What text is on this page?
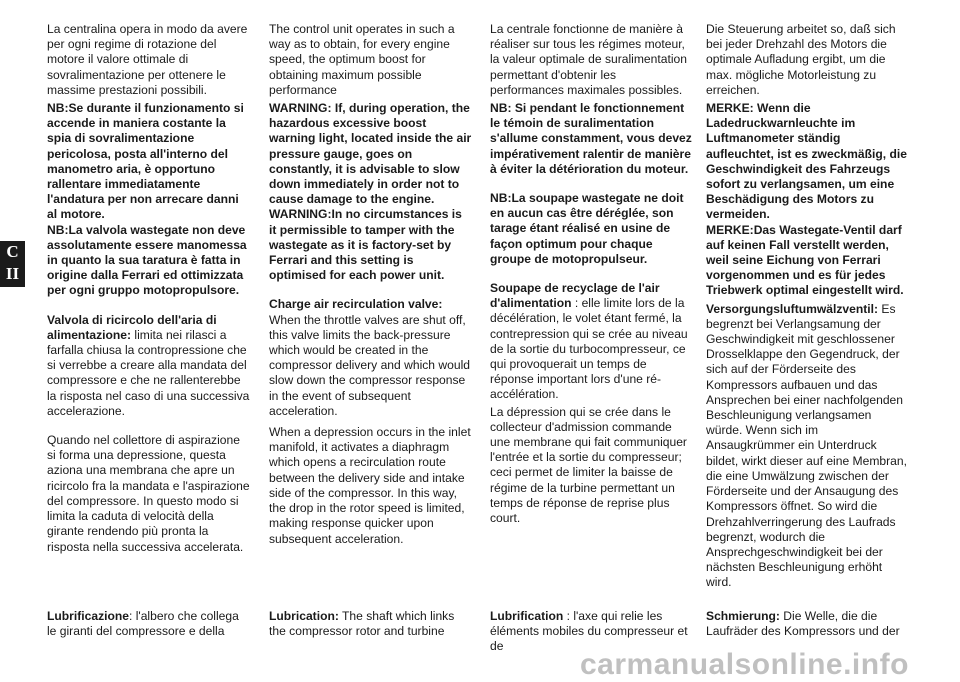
C
II

La centralina opera in modo da avere per ogni regime di rotazione del motore il valore ottimale di sovralimentazione per ottenere le massime prestazioni possibili.

NB:Se durante il funzionamento si accende in maniera costante la spia di sovralimentazione pericolosa, posta all'interno del manometro aria, è opportuno rallentare immediatamente l'andatura per non arrecare danni al motore.

NB:La valvola wastegate non deve assolutamente essere manomessa in quanto la sua taratura è fatta in origine dalla Ferrari ed ottimizzata per ogni gruppo motopropulsore.

Valvola di ricircolo dell'aria di alimentazione: limita nei rilasci a farfalla chiusa la contropressione che si verrebbe a creare alla mandata del compressore e che ne rallenterebbe la risposta nel caso di una successiva accelerazione.

Quando nel collettore di aspirazione si forma una depressione, questa aziona una membrana che apre un ricircolo fra la mandata e l'aspirazione del compressore. In questo modo si limita la caduta di velocità della girante rendendo più pronta la risposta nella successiva accelerata.

Lubrificazione: l'albero che collega le giranti del compressore e della

The control unit operates in such a way as to obtain, for every engine speed, the optimum boost for obtaining maximum possible performance

WARNING: If, during operation, the hazardous excessive boost warning light, located inside the air pressure gauge, goes on constantly, it is advisable to slow down immediately in order not to cause damage to the engine.

WARNING:In no circumstances is it permissible to tamper with the wastegate as it is factory-set by Ferrari and this setting is optimised for each power unit.

Charge air recirculation valve:
When the throttle valves are shut off, this valve limits the back-pressure which would be created in the compressor delivery and which would slow down the compressor response in the event of subsequent acceleration.

When a depression occurs in the inlet manifold, it activates a diaphragm which opens a recirculation route between the delivery side and intake side of the compressor. In this way, the drop in the rotor speed is limited, making response quicker upon subsequent acceleration.

Lubrication: The shaft which links the compressor rotor and turbine

La centrale fonctionne de manière à réaliser sur tous les régimes moteur, la valeur optimale de suralimentation permettant d'obtenir les performances maximales possibles.

NB: Si pendant le fonctionnement le témoin de suralimentation s'allume constamment, vous devez impérativement ralentir de manière à éviter la détérioration du moteur.

NB:La soupape wastegate ne doit en aucun cas être déréglée, son tarage étant réalisé en usine de façon optimum pour chaque groupe de motopropulseur.

Soupape de recyclage de l'air d'alimentation : elle limite lors de la décélération, le volet étant fermé, la contrepression qui se crée au niveau de la sortie du turbocompresseur, ce qui provoquerait un temps de réponse important lors d'une ré-accélération.

La dépression qui se crée dans le collecteur d'admission commande une membrane qui fait communiquer l'entrée et la sortie du compresseur; ceci permet de limiter la baisse de régime de la turbine permettant un temps de réponse de reprise plus court.

Lubrification : l'axe qui relie les éléments mobiles du compresseur et de

Die Steuerung arbeitet so, daß sich bei jeder Drehzahl des Motors die optimale Aufladung ergibt, um die max. mögliche Motorleistung zu erreichen.

MERKE: Wenn die Ladedruckwarnleuchte im Luftmanometer ständig aufleuchtet, ist es zweckmäßig, die Geschwindigkeit des Fahrzeugs sofort zu verlangsamen, um eine Beschädigung des Motors zu vermeiden.

MERKE:Das Wastegate-Ventil darf auf keinen Fall verstellt werden, weil seine Eichung von Ferrari vorgenommen und es für jedes Triebwerk optimal eingestellt wird.

Versorgungsluftumwälzventil: Es begrenzt bei Verlangsamung der Geschwindigkeit mit geschlossener Drosselklappe den Gegendruck, der sich auf der Förderseite des Kompressors aufbauen und das Ansprechen bei einer nachfolgenden Beschleunigung verlangsamen würde. Wenn sich im Ansaugkrümmer ein Unterdruck bildet, wirkt dieser auf eine Membran, die eine Umwälzung zwischen der Förderseite und der Ansaugung des Kompressors öffnet. So wird die Drehzahlverringerung des Laufrads begrenzt, wodurch die Ansprechgeschwindigkeit bei der nächsten Beschleunigung erhöht wird.

Schmierung: Die Welle, die die Laufräder des Kompressors und der
carmanualsonline.info
